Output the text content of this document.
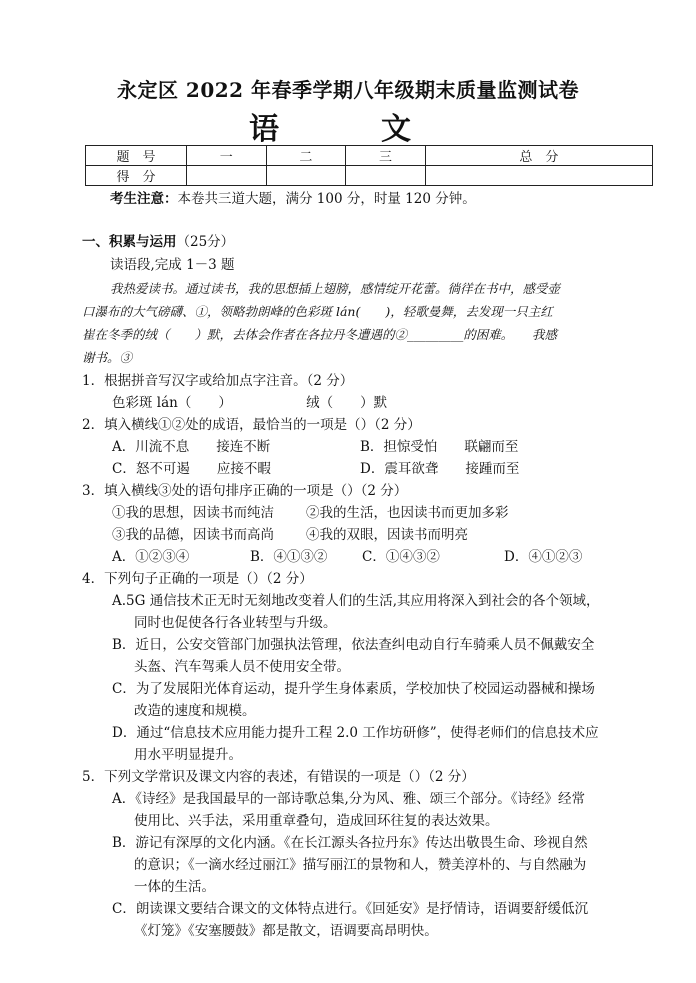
永定区 2022 年春季学期八年级期末质量监测试卷
语　文
题　号	一	二	三	总　分
得　分				
考生注意：本卷共三道大题，满分 100 分，时量 120 分钟。
一、积累与运用（25分）
读语段,完成 1－3 题
我热爱读书。通过读书，我的思想插上翅膀，感情绽开花蕾。徜徉在书中，感受壶
口瀑布的大气磅礴、①，领略勃朗峰的色彩斑 lán(　　)，轻歌曼舞，去发现一只主红
崔在冬季的绒（　　）默，去体会作者在各拉丹冬遭遇的②_________的困难。　　我感
谢书。③
1．根据拼音写汉字或给加点字注音。（2 分）
色彩斑 lán（　　）　　　　　　绒（　　）默
2．填入横线①②处的成语，最恰当的一项是（）（2 分）
A．川流不息　　接连不断	B．担惊受怕　　联翩而至
C．怒不可遏　　应接不暇	D．震耳欲聋　　接踵而至
3．填入横线③处的语句排序正确的一项是（）（2 分）
①我的思想，因读书而纯洁 ②我的生活，也因读书而更加多彩
③我的品德，因读书而高尚 ④我的双眼，因读书而明亮
A．①②③④	B．④①③②	C．①④③②	D．④①②③
4．下列句子正确的一项是（）（2 分）
A.5G 通信技术正无时无刻地改变着人们的生活,其应用将深入到社会的各个领域，
同时也促使各行各业转型与升级。
B．近日，公安交管部门加强执法管理，依法查纠电动自行车骑乘人员不佩戴安全
头盔、汽车驾乘人员不使用安全带。
C．为了发展阳光体育运动，提升学生身体素质，学校加快了校园运动器械和操场
改造的速度和规模。
D．通过“信息技术应用能力提升工程 2.0 工作坊研修”，使得老师们的信息技术应
用水平明显提升。
5．下列文学常识及课文内容的表述，有错误的一项是（）（2 分）
A．《诗经》是我国最早的一部诗歌总集,分为风、雅、颂三个部分。《诗经》经常
使用比、兴手法，采用重章叠句，造成回环往复的表达效果。
B．游记有深厚的文化内涵。《在长江源头各拉丹东》传达出敬畏生命、珍视自然
的意识；《一滴水经过丽江》描写丽江的景物和人，赞美淳朴的、与自然融为
一体的生活。
C．朗读课文要结合课文的文体特点进行。《回延安》是抒情诗，语调要舒缓低沉
《灯笼》《安塞腰鼓》都是散文，语调要高昂明快。
